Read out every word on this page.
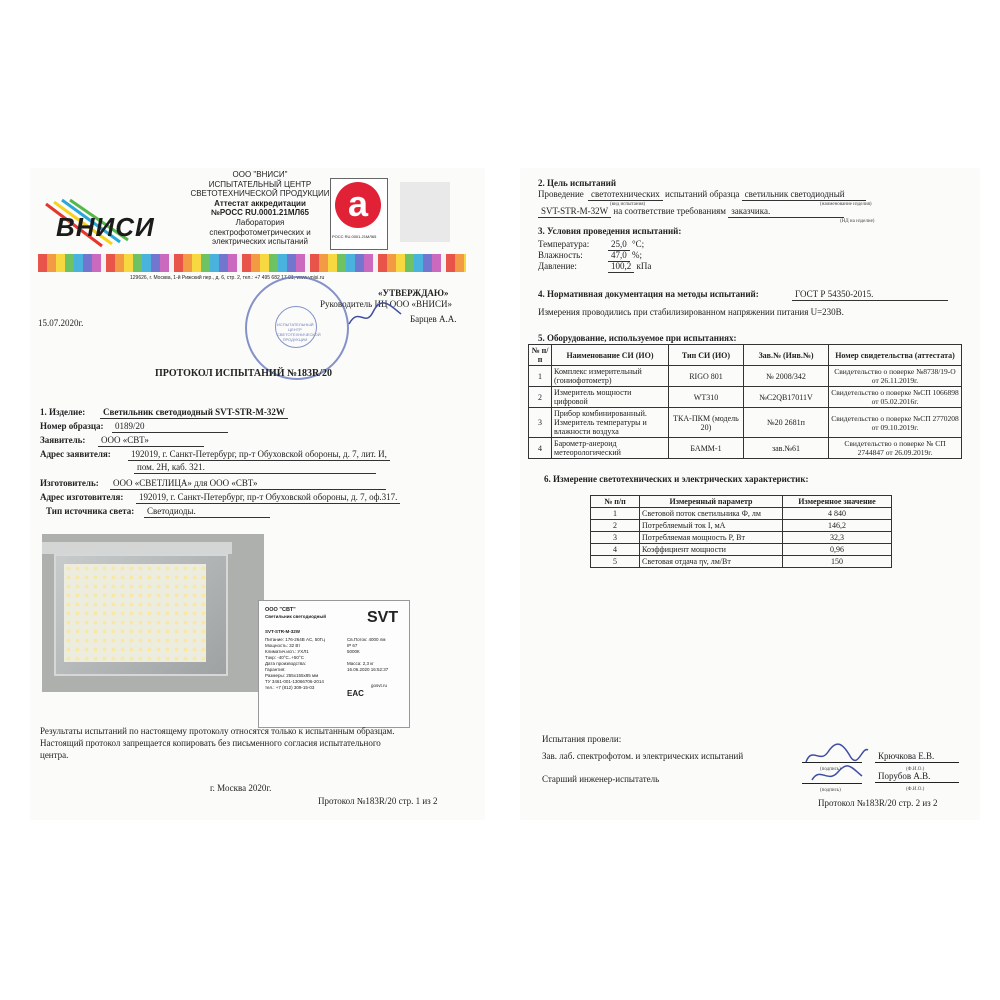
ВНИСИ
ООО "ВНИСИ"
ИСПЫТАТЕЛЬНЫЙ ЦЕНТР
СВЕТОТЕХНИЧЕСКОЙ ПРОДУКЦИИ
Аттестат аккредитации
№РОСС RU.0001.21МЛ65
Лаборатория
спектрофотометрических и
электрических испытаний
a
РОСС RU.0001.21МЛ65
129626, г. Москва, 1-й Рижский пер., д. 6, стр. 2, тел.: +7 495 682 17 01, www.vnisi.ru
ИСПЫТАТЕЛЬНЫЙ ЦЕНТР СВЕТОТЕХНИЧЕСКОЙ ПРОДУКЦИИ
«УТВЕРЖДАЮ»
Руководитель ИЦ ООО «ВНИСИ»
Барцев А.А.
15.07.2020г.
ПРОТОКОЛ ИСПЫТАНИЙ №183R/20
1. Изделие:	Светильник светодиодный SVT-STR-M-32W
Номер образца:	0189/20
Заявитель:	ООО «СВТ»
Адрес заявителя:	192019, г. Санкт-Петербург, пр-т Обуховской обороны, д. 7, лит. И,
пом. 2Н, каб. 321.
Изготовитель:	ООО «СВЕТЛИЦА» для ООО «СВТ»
Адрес изготовителя:	192019, г. Санкт-Петербург, пр-т Обуховской обороны, д. 7, оф.317.
Тип источника света:	Светодиоды.
ООО "СВТ"
Светильник светодиодный
SVT-STR-M-32W
Питание: 176-264В AC, 50Гц
Мощность: 32 Вт
Климатич.исп.: УХЛ1
Tокр: -40°С..+50°С
Дата производства:
Гарантия:
Размеры: 255х155х85 мм
ТУ 3461-001-13066706-2014
тел.: +7 (812) 309-15-03
Св.Поток: 4000 лм
IP 67
5000К
Масса: 2,3 кг
16.06.2020 16:52:37
SVT
gosvt.ru
EAC
Результаты испытаний по настоящему протоколу относятся только к испытанным образцам.
Настоящий протокол запрещается копировать без письменного согласия испытательного
центра.
г. Москва 2020г.
Протокол №183R/20 стр. 1 из 2
2. Цель испытаний
Проведение светотехнических испытаний образца светильник светодиодный
(вид испытания)	(наименование изделия)
SVT-STR-M-32W на соответствие требованиям заказчика.
(НД на изделие)
3. Условия проведения испытаний:
Температура:	25,0 °C;
Влажность:	47,0 %;
Давление:	100,2 кПа
4. Нормативная документация на методы испытаний:	ГОСТ Р 54350-2015.
Измерения проводились при стабилизированном напряжении питания U=230В.
5. Оборудование, используемое при испытаниях:
№ п/п	Наименование СИ (ИО)	Тип СИ (ИО)	Зав.№ (Инв.№)	Номер свидетельства (аттестата)
1	Комплекс измерительный (гониофотометр)	RIGO 801	№ 2008/342	Свидетельство о поверке №8738/19-О от 26.11.2019г.
2	Измеритель мощности цифровой	WT310	№C2QB17011V	Свидетельство о поверке №СП 1066898 от 05.02.2016г.
3	Прибор комбинированный. Измеритель температуры и влажности воздуха	ТКА-ПКМ (модель 20)	№20 2681п	Свидетельство о поверке №СП 2770208 от 09.10.2019г.
4	Барометр-анероид метеорологический	БАММ-1	зав.№61	Свидетельство о поверке № СП 2744847 от 26.09.2019г.
6. Измерение светотехнических и электрических характеристик:
№ п/п	Измеренный параметр	Измеренное значение
1	Световой поток светильника Ф, лм	4 840
2	Потребляемый ток I, мА	146,2
3	Потребляемая мощность P, Вт	32,3
4	Коэффициент мощности	0,96
5	Световая отдача ηv, лм/Вт	150
Испытания провели:
Зав. лаб. спектрофотом. и электрических испытаний
(подпись)
Крючкова Е.В.
(Ф.И.О.)
Старший инженер-испытатель
(подпись)
Порубов А.В.
(Ф.И.О.)
Протокол №183R/20 стр. 2 из 2
